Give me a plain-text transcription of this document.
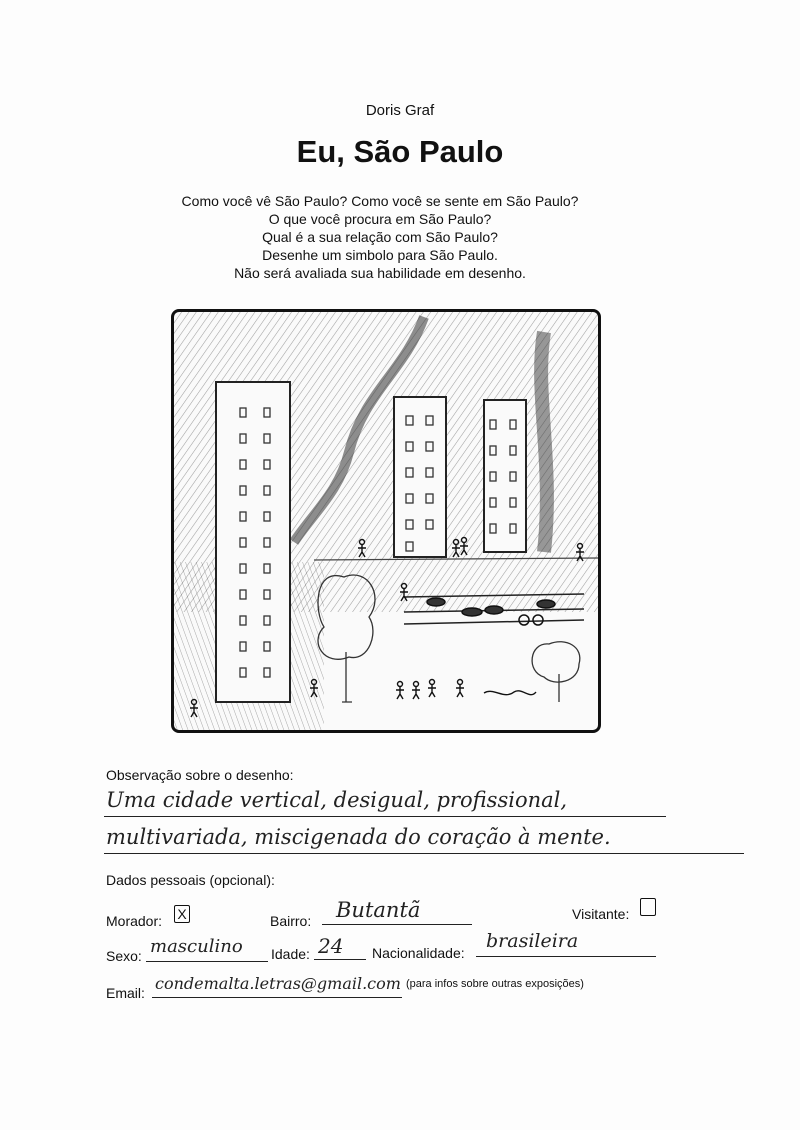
Doris Graf
Eu, São Paulo
Como você vê São Paulo? Como você se sente em São Paulo?
O que você procura em São Paulo?
Qual é a sua relação com São Paulo?
Desenhe um simbolo para São Paulo.
Não será avaliada sua habilidade em desenho.
Observação sobre o desenho:
Uma cidade vertical, desigual, profissional,
multivariada, miscigenada do coração à mente.
Dados pessoais (opcional):
Morador: X	Bairro: Butantã	Visitante:
Sexo: masculino Idade: 24 Nacionalidade:
brasileira
Email: condemalta.letras@gmail.com (para infos sobre outras exposições)
